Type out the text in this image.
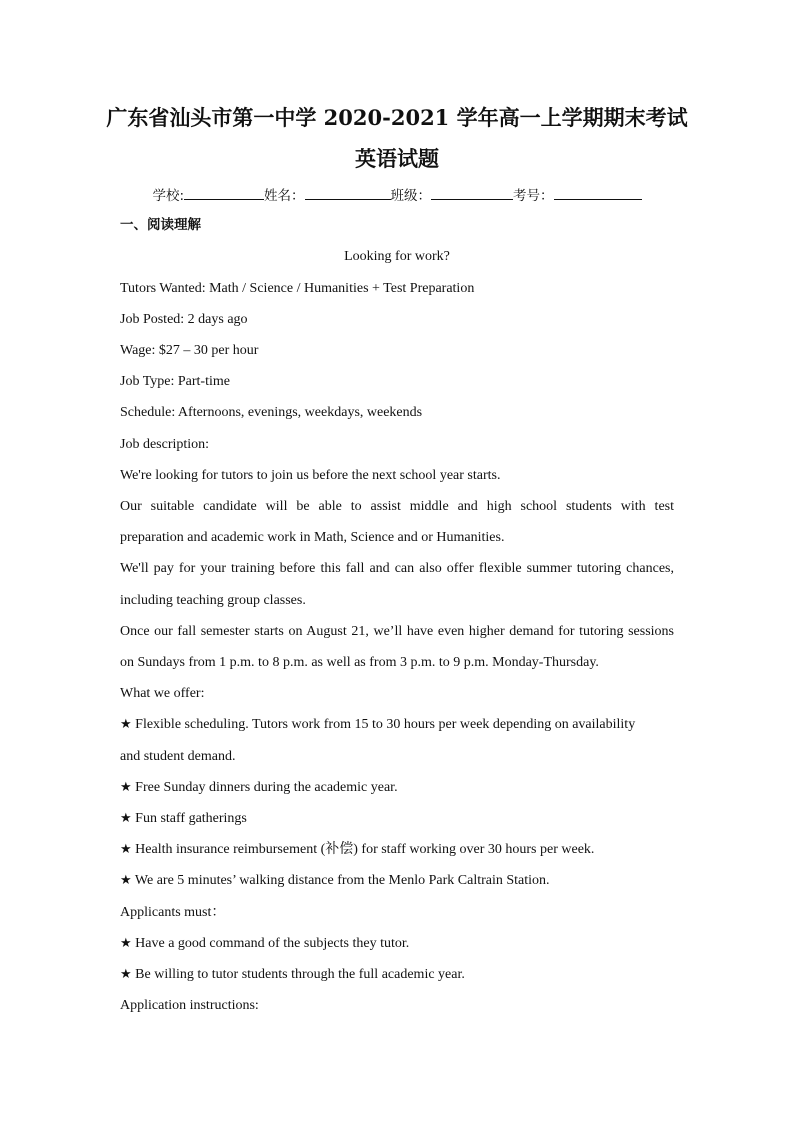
广东省汕头市第一中学 2020-2021 学年高一上学期期末考试
英语试题
学校:	姓名：	班级：	考号：
一、阅读理解
Looking for work?
Tutors Wanted: Math / Science / Humanities + Test Preparation
Job Posted: 2 days ago
Wage: $27 – 30 per hour
Job Type: Part-time
Schedule: Afternoons, evenings, weekdays, weekends
Job description:
We're looking for tutors to join us before the next school year starts.
Our suitable candidate will be able to assist middle and high school students with test
preparation and academic work in Math, Science and or Humanities.
We'll pay for your training before this fall and can also offer flexible summer tutoring chances,
including teaching group classes.
Once our fall semester starts on August 21, we’ll have even higher demand for tutoring sessions
on Sundays from 1 p.m. to 8 p.m. as well as from 3 p.m. to 9 p.m. Monday-Thursday.
What we offer:
★ Flexible scheduling. Tutors work from 15 to 30 hours per week depending on availability
and student demand.
★ Free Sunday dinners during the academic year.
★ Fun staff gatherings
★ Health insurance reimbursement (补偿) for staff working over 30 hours per week.
★ We are 5 minutes’ walking distance from the Menlo Park Caltrain Station.
Applicants must：
★ Have a good command of the subjects they tutor.
★ Be willing to tutor students through the full academic year.
Application instructions:
